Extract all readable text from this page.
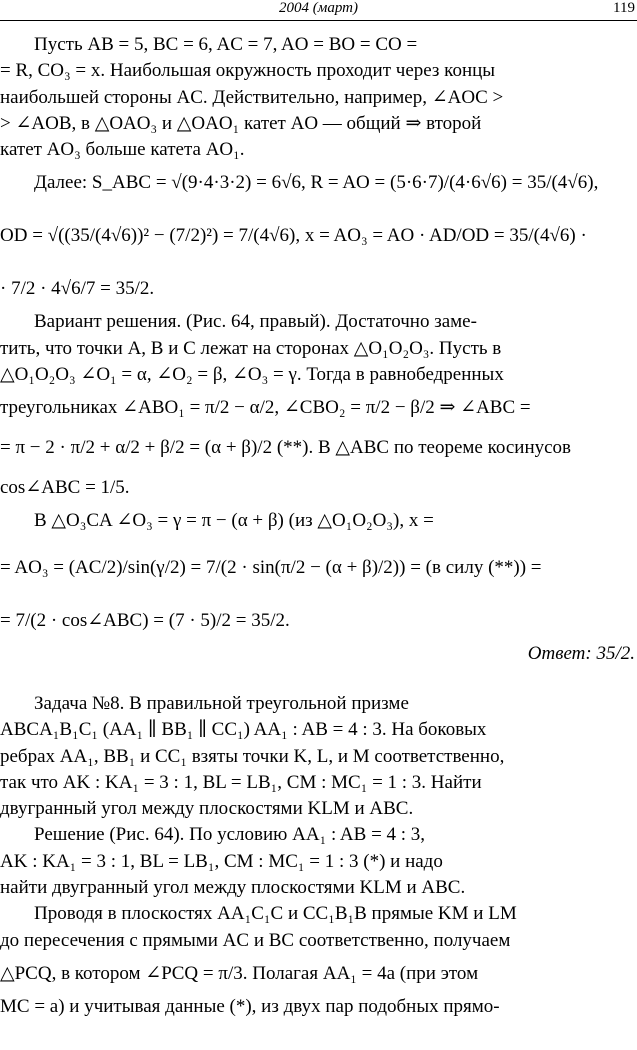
2004 (март)	119
Пусть AB = 5, BC = 6, AC = 7, AO = BO = CO =
= R, CO₃ = x. Наибольшая окружность проходит через концы
наибольшей стороны AC. Действительно, например, ∠AOC >
> ∠AOB, в △OAO₃ и △OAO₁ катет AO — общий ⇒ второй
катет AO₃ больше катета AO₁.
Далее: S_ABC = √(9·4·3·2) = 6√6, R = AO = (5·6·7)/(4·6√6) = 35/(4√6),
OD = √((35/(4√6))² − (7/2)²) = 7/(4√6), x = AO₃ = AO · AD/OD = 35/(4√6) ·
· 7/2 · 4√6/7 = 35/2.
Вариант решения. (Рис. 64, правый). Достаточно заме-
тить, что точки A, B и C лежат на сторонах △O₁O₂O₃. Пусть в
△O₁O₂O₃ ∠O₁ = α, ∠O₂ = β, ∠O₃ = γ. Тогда в равнобедренных
треугольниках ∠ABO₁ = π/2 − α/2, ∠CBO₂ = π/2 − β/2 ⇒ ∠ABC =
= π − 2 · π/2 + α/2 + β/2 = (α + β)/2 (**). В △ABC по теореме косинусов
cos∠ABC = 1/5.
В △O₃CA ∠O₃ = γ = π − (α + β) (из △O₁O₂O₃), x =
= AO₃ = (AC/2)/sin(γ/2) = 7/(2 · sin(π/2 − (α + β)/2)) = (в силу (**)) =
= 7/(2 · cos∠ABC) = (7 · 5)/2 = 35/2.
Ответ: 35/2.
Задача №8. В правильной треугольной призме
ABCA₁B₁C₁ (AA₁ ∥ BB₁ ∥ CC₁) AA₁ : AB = 4 : 3. На боковых
ребрах AA₁, BB₁ и CC₁ взяты точки K, L, и M соответственно,
так что AK : KA₁ = 3 : 1, BL = LB₁, CM : MC₁ = 1 : 3. Найти
двугранный угол между плоскостями KLM и ABC.
Решение (Рис. 64). По условию AA₁ : AB = 4 : 3,
AK : KA₁ = 3 : 1, BL = LB₁, CM : MC₁ = 1 : 3 (*) и надо
найти двугранный угол между плоскостями KLM и ABC.
Проводя в плоскостях AA₁C₁C и CC₁B₁B прямые KM и LM
до пересечения с прямыми AC и BC соответственно, получаем
△PCQ, в котором ∠PCQ = π/3. Полагая AA₁ = 4a (при этом
MC = a) и учитывая данные (*), из двух пар подобных прямо-
